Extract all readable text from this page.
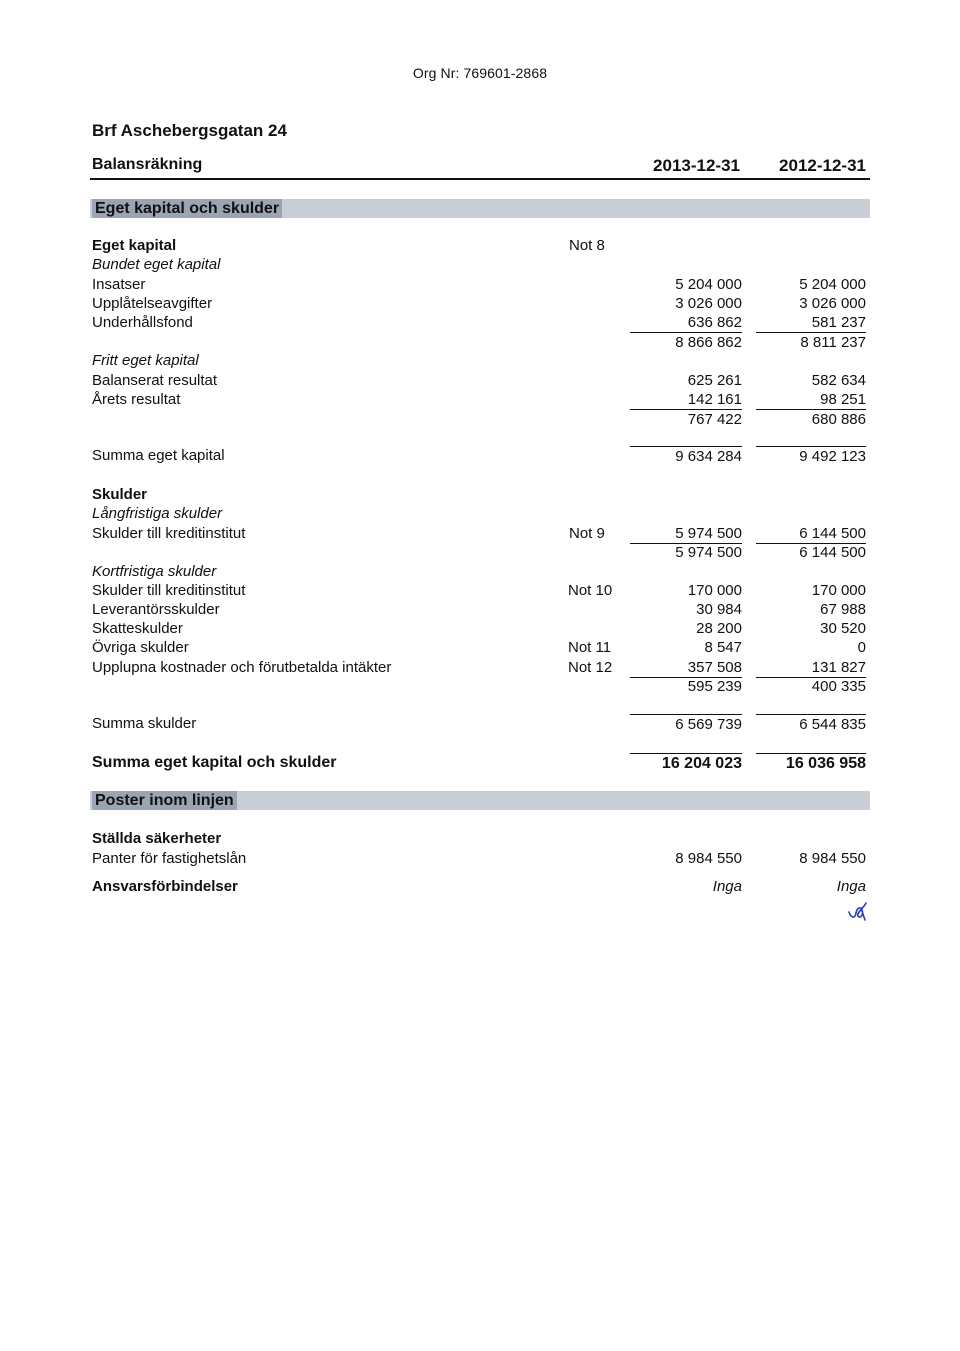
Org Nr: 769601-2868
Brf Aschebergsgatan 24
Balansräkning	2013-12-31	2012-12-31
Eget kapital och skulder
Eget kapital	Not 8
Bundet eget kapital
Insatser	5 204 000	5 204 000
Upplåtelseavgifter	3 026 000	3 026 000
Underhållsfond	636 862	581 237
8 866 862	8 811 237
Fritt eget kapital
Balanserat resultat	625 261	582 634
Årets resultat	142 161	98 251
767 422	680 886
Summa eget kapital	9 634 284	9 492 123
Skulder
Långfristiga skulder
Skulder till kreditinstitut	Not 9	5 974 500	6 144 500
5 974 500	6 144 500
Kortfristiga skulder
Skulder till kreditinstitut	Not 10	170 000	170 000
Leverantörsskulder	30 984	67 988
Skatteskulder	28 200	30 520
Övriga skulder	Not 11	8 547	0
Upplupna kostnader och förutbetalda intäkter	Not 12	357 508	131 827
595 239	400 335
Summa skulder	6 569 739	6 544 835
Summa eget kapital och skulder	16 204 023	16 036 958
Poster inom linjen
Ställda säkerheter
Panter för fastighetslån	8 984 550	8 984 550
Ansvarsförbindelser	Inga	Inga
